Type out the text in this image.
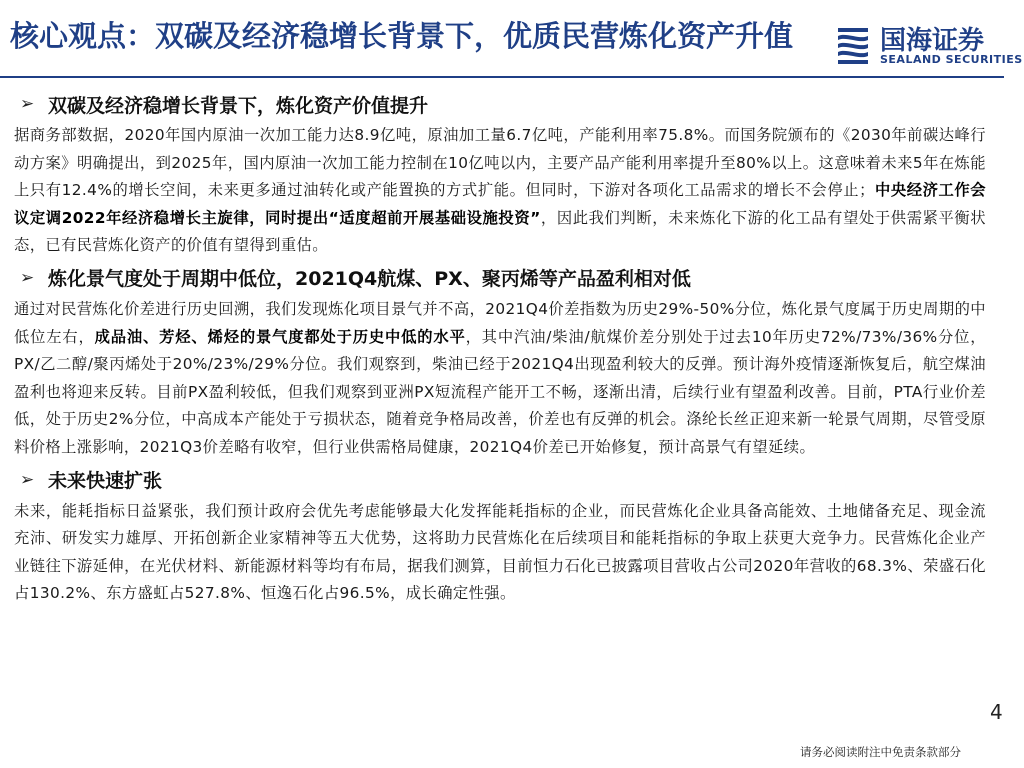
核心观点：双碳及经济稳增长背景下，优质民营炼化资产升值	国海证券
SEALAND SECURITIES
➢ 双碳及经济稳增长背景下，炼化资产价值提升

据商务部数据，2020年国内原油一次加工能力达8.9亿吨，原油加工量6.7亿吨，产能利用率75.8%。而国务院颁布的《2030年前碳达峰行动方案》明确提出，到2025年，国内原油一次加工能力控制在10亿吨以内，主要产品产能利用率提升至80%以上。这意味着未来5年在炼能上只有12.4%的增长空间，未来更多通过油转化或产能置换的方式扩能。但同时，下游对各项化工品需求的增长不会停止；中央经济工作会议定调2022年经济稳增长主旋律，同时提出“适度超前开展基础设施投资”，因此我们判断，未来炼化下游的化工品有望处于供需紧平衡状态，已有民营炼化资产的价值有望得到重估。

➢ 炼化景气度处于周期中低位，2021Q4航煤、PX、聚丙烯等产品盈利相对低

通过对民营炼化价差进行历史回溯，我们发现炼化项目景气并不高，2021Q4价差指数为历史29%-50%分位，炼化景气度属于历史周期的中低位左右，成品油、芳烃、烯烃的景气度都处于历史中低的水平，其中汽油/柴油/航煤价差分别处于过去10年历史72%/73%/36%分位，PX/乙二醇/聚丙烯处于20%/23%/29%分位。我们观察到，柴油已经于2021Q4出现盈利较大的反弹。预计海外疫情逐渐恢复后，航空煤油盈利也将迎来反转。目前PX盈利较低，但我们观察到亚洲PX短流程产能开工不畅，逐渐出清，后续行业有望盈利改善。目前，PTA行业价差低，处于历史2%分位，中高成本产能处于亏损状态，随着竞争格局改善，价差也有反弹的机会。涤纶长丝正迎来新一轮景气周期，尽管受原料价格上涨影响，2021Q3价差略有收窄，但行业供需格局健康，2021Q4价差已开始修复，预计高景气有望延续。

➢ 未来快速扩张

未来，能耗指标日益紧张，我们预计政府会优先考虑能够最大化发挥能耗指标的企业，而民营炼化企业具备高能效、土地储备充足、现金流充沛、研发实力雄厚、开拓创新企业家精神等五大优势，这将助力民营炼化在后续项目和能耗指标的争取上获更大竞争力。民营炼化企业产业链往下游延伸，在光伏材料、新能源材料等均有布局，据我们测算，目前恒力石化已披露项目营收占公司2020年营收的68.3%、荣盛石化占130.2%、东方盛虹占527.8%、恒逸石化占96.5%，成长确定性强。

4
请务必阅读附注中免责条款部分
